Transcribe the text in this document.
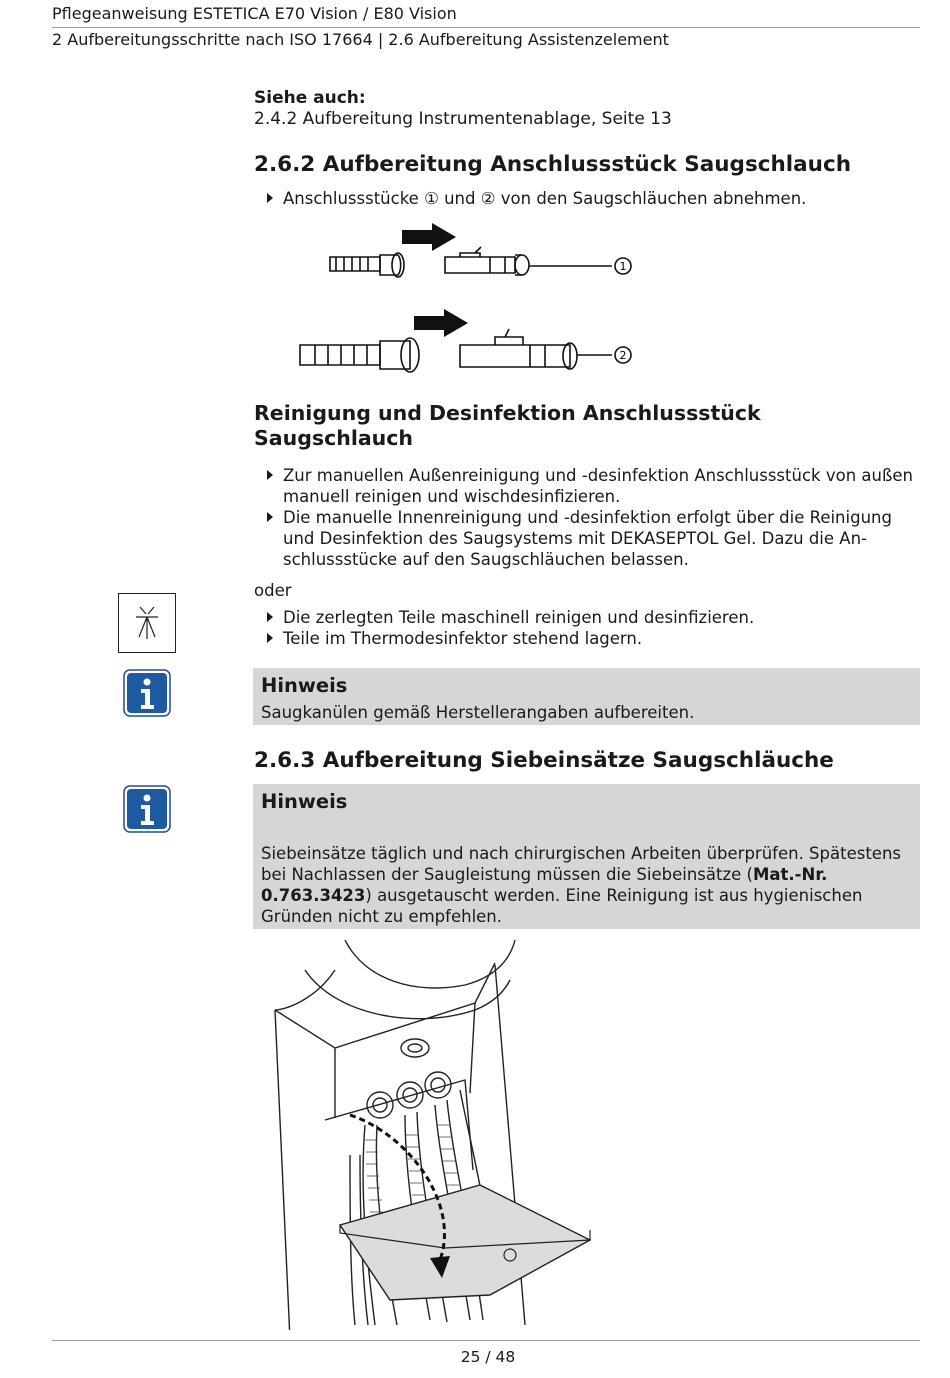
Pflegeanweisung ESTETICA E70 Vision / E80 Vision
2 Aufbereitungsschritte nach ISO 17664 | 2.6 Aufbereitung Assistenzelement
Siehe auch:
2.4.2 Aufbereitung Instrumentenablage, Seite 13
2.6.2 Aufbereitung Anschlussstück Saugschlauch
Anschlussstücke ① und ② von den Saugschläuchen abnehmen.
1
2
Reinigung und Desinfektion Anschlussstück
Saugschlauch
Zur manuellen Außenreinigung und -desinfektion Anschlussstück von außen
manuell reinigen und wischdesinfizieren.
Die manuelle Innenreinigung und -desinfektion erfolgt über die Reinigung
und Desinfektion des Saugsystems mit DEKASEPTOL Gel. Dazu die An-
schlussstücke auf den Saugschläuchen belassen.
oder
Die zerlegten Teile maschinell reinigen und desinfizieren.
Teile im Thermodesinfektor stehend lagern.
Hinweis
Saugkanülen gemäß Herstellerangaben aufbereiten.
2.6.3 Aufbereitung Siebeinsätze Saugschläuche
Hinweis
Siebeinsätze täglich und nach chirurgischen Arbeiten überprüfen. Spätestens
bei Nachlassen der Saugleistung müssen die Siebeinsätze (Mat.-Nr.
0.763.3423) ausgetauscht werden. Eine Reinigung ist aus hygienischen
Gründen nicht zu empfehlen.
25 / 48
